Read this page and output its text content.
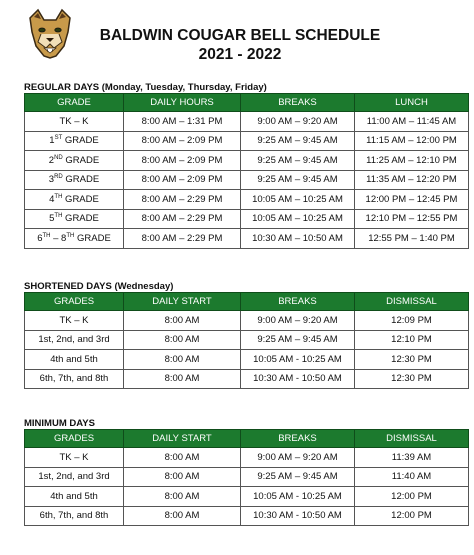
BALDWIN COUGAR BELL SCHEDULE
2021 - 2022
REGULAR DAYS (Monday, Tuesday, Thursday, Friday)
GRADE	DAILY HOURS	BREAKS	LUNCH
TK – K	8:00 AM – 1:31 PM	9:00 AM – 9:20 AM	11:00 AM – 11:45 AM
1ST GRADE	8:00 AM – 2:09 PM	9:25 AM – 9:45 AM	11:15 AM – 12:00 PM
2ND GRADE	8:00 AM – 2:09 PM	9:25 AM – 9:45 AM	11:25 AM – 12:10 PM
3RD GRADE	8:00 AM – 2:09 PM	9:25 AM – 9:45 AM	11:35 AM – 12:20 PM
4TH GRADE	8:00 AM – 2:29 PM	10:05 AM – 10:25 AM	12:00 PM – 12:45 PM
5TH GRADE	8:00 AM – 2:29 PM	10:05 AM – 10:25 AM	12:10 PM – 12:55 PM
6TH – 8TH GRADE	8:00 AM – 2:29 PM	10:30 AM – 10:50 AM	12:55 PM – 1:40 PM
SHORTENED DAYS (Wednesday)
GRADES	DAILY START	BREAKS	DISMISSAL
TK – K	8:00 AM	9:00 AM – 9:20 AM	12:09 PM
1st, 2nd, and 3rd	8:00 AM	9:25 AM – 9:45 AM	12:10 PM
4th and 5th	8:00 AM	10:05 AM - 10:25 AM	12:30 PM
6th, 7th, and 8th	8:00 AM	10:30 AM - 10:50 AM	12:30 PM
MINIMUM DAYS
GRADES	DAILY START	BREAKS	DISMISSAL
TK – K	8:00 AM	9:00 AM – 9:20 AM	11:39 AM
1st, 2nd, and 3rd	8:00 AM	9:25 AM – 9:45 AM	11:40 AM
4th and 5th	8:00 AM	10:05 AM - 10:25 AM	12:00 PM
6th, 7th, and 8th	8:00 AM	10:30 AM - 10:50 AM	12:00 PM
